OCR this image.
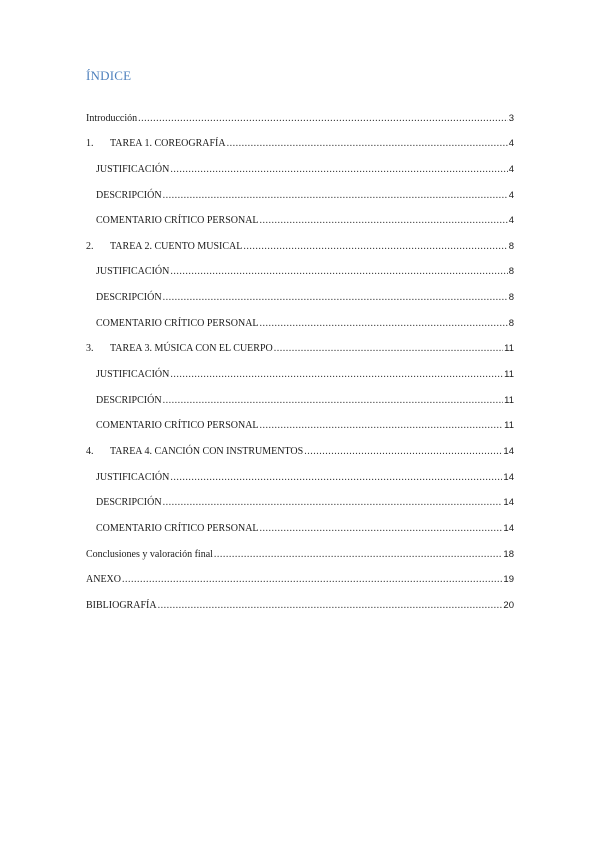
ÍNDICE
Introducción .....	3
1.	TAREA 1. COREOGRAFÍA .....	4
JUSTIFICACIÓN .....	4
DESCRIPCIÓN .....	4
COMENTARIO CRÍTICO PERSONAL .....	4
2.	TAREA 2. CUENTO MUSICAL .....	8
JUSTIFICACIÓN .....	8
DESCRIPCIÓN .....	8
COMENTARIO CRÍTICO PERSONAL .....	8
3.	TAREA 3. MÚSICA CON EL CUERPO .....	11
JUSTIFICACIÓN .....	11
DESCRIPCIÓN .....	11
COMENTARIO CRÍTICO PERSONAL .....	11
4.	TAREA 4. CANCIÓN CON INSTRUMENTOS .....	14
JUSTIFICACIÓN .....	14
DESCRIPCIÓN .....	14
COMENTARIO CRÍTICO PERSONAL .....	14
Conclusiones y valoración final .....	18
ANEXO .....	19
BIBLIOGRAFÍA .....	20
